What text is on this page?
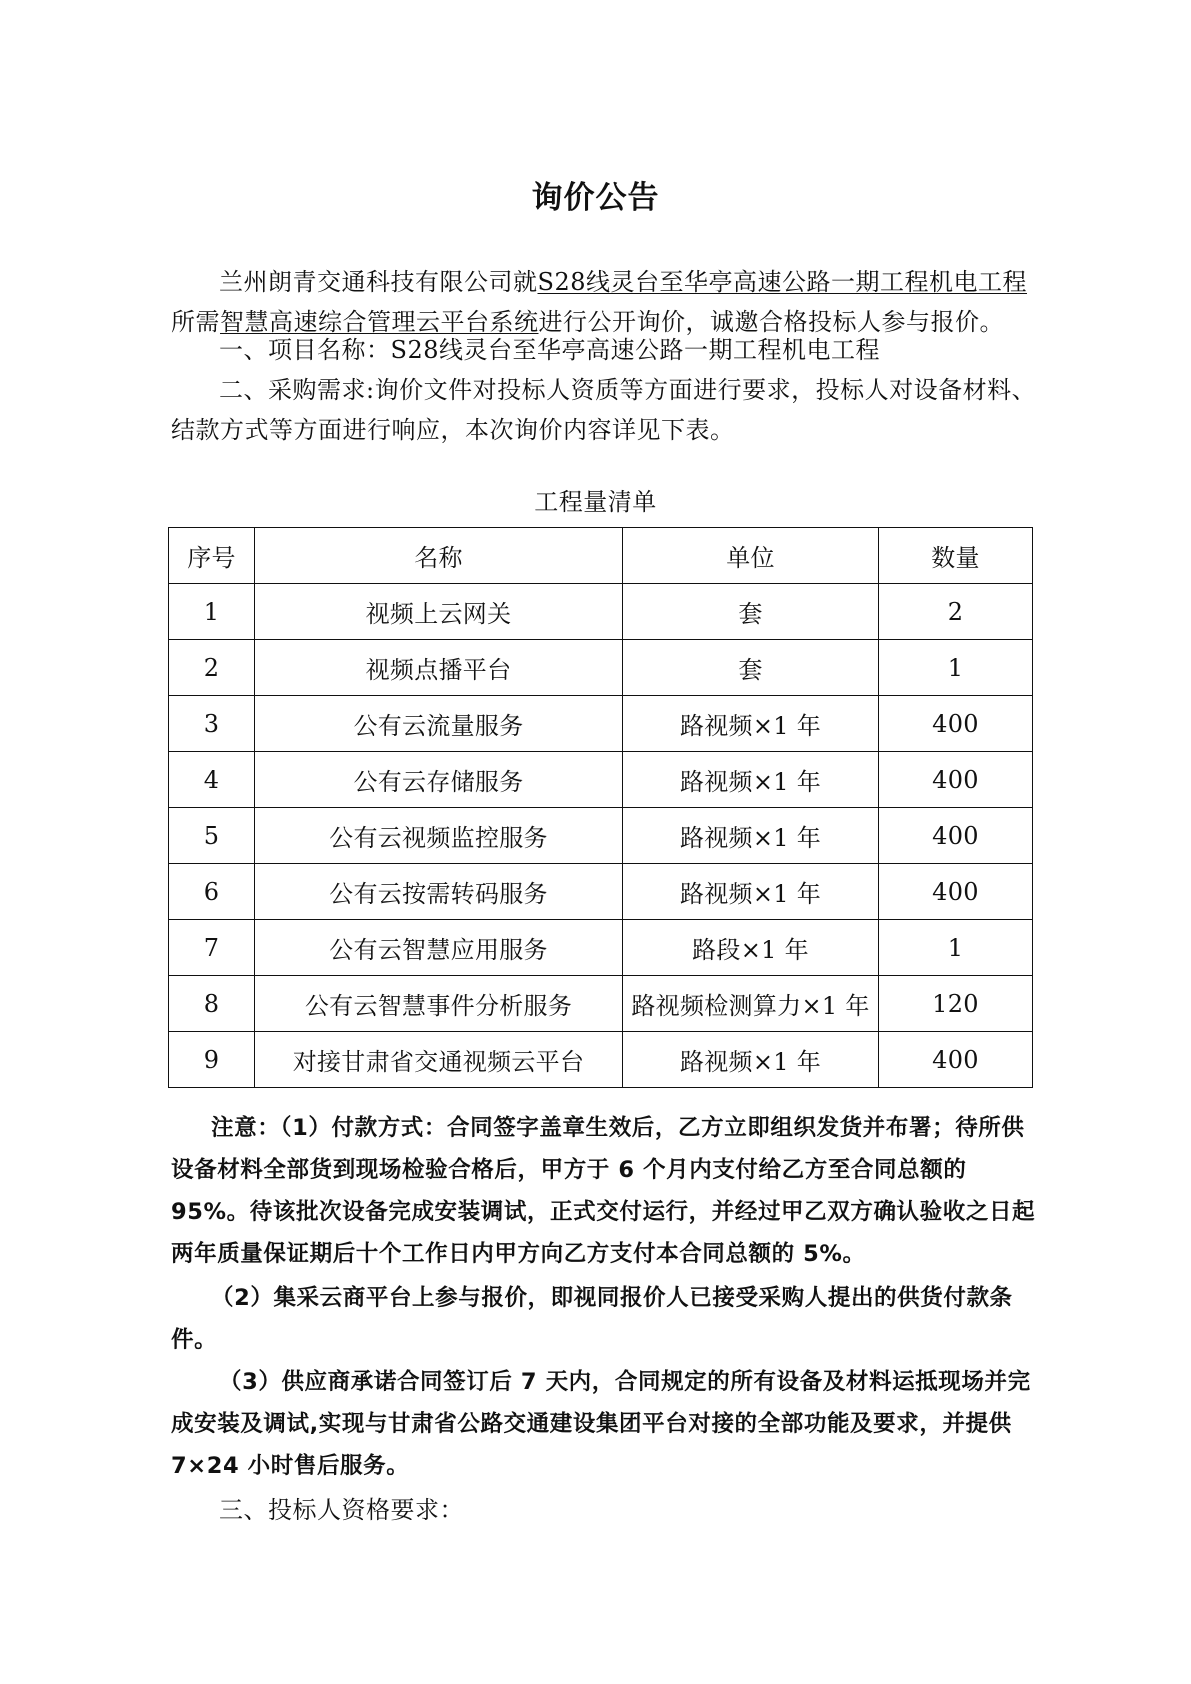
询价公告
兰州朗青交通科技有限公司就S28线灵台至华亭高速公路一期工程机电工程所需智慧高速综合管理云平台系统进行公开询价，诚邀合格投标人参与报价。
一、项目名称：S28线灵台至华亭高速公路一期工程机电工程
二、采购需求:询价文件对投标人资质等方面进行要求，投标人对设备材料、结款方式等方面进行响应，本次询价内容详见下表。
工程量清单
序号	名称	单位	数量
1	视频上云网关	套	2
2	视频点播平台	套	1
3	公有云流量服务	路视频×1 年	400
4	公有云存储服务	路视频×1 年	400
5	公有云视频监控服务	路视频×1 年	400
6	公有云按需转码服务	路视频×1 年	400
7	公有云智慧应用服务	路段×1 年	1
8	公有云智慧事件分析服务	路视频检测算力×1 年	120
9	对接甘肃省交通视频云平台	路视频×1 年	400
注意：（1）付款方式：合同签字盖章生效后，乙方立即组织发货并布署；待所供设备材料全部货到现场检验合格后，甲方于 6 个月内支付给乙方至合同总额的 95%。待该批次设备完成安装调试，正式交付运行，并经过甲乙双方确认验收之日起两年质量保证期后十个工作日内甲方向乙方支付本合同总额的 5%。
（2）集采云商平台上参与报价，即视同报价人已接受采购人提出的供货付款条件。
（3）供应商承诺合同签订后 7 天内，合同规定的所有设备及材料运抵现场并完成安装及调试,实现与甘肃省公路交通建设集团平台对接的全部功能及要求，并提供 7×24 小时售后服务。
三、投标人资格要求：
